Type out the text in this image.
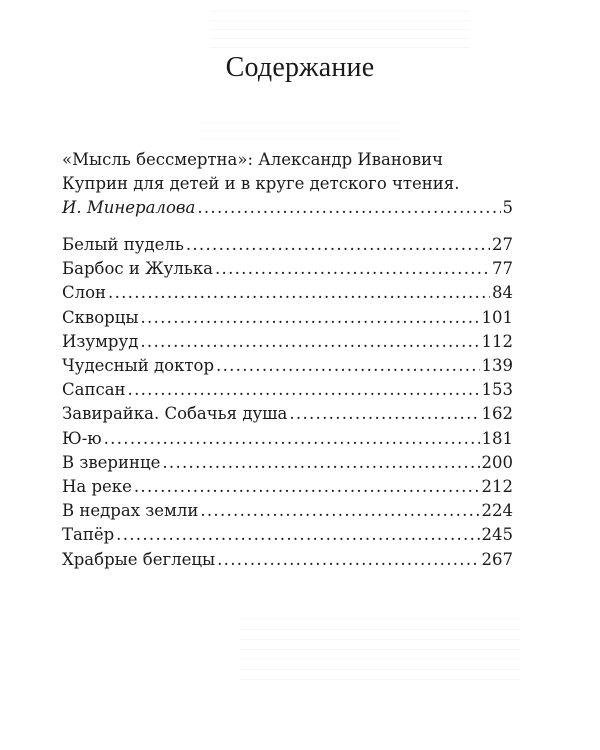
Содержание
«Мысль бессмертна»: Александр Иванович
Куприн для детей и в круге детского чтения.
И. Минералова .....	5
Белый пудель .....	27
Барбос и Жулька .....	77
Слон .....	84
Скворцы .....	101
Изумруд .....	112
Чудесный доктор .....	139
Сапсан .....	153
Завирайка. Собачья душа .....	162
Ю-ю .....	181
В зверинце .....	200
На реке .....	212
В недрах земли .....	224
Тапёр .....	245
Храбрые беглецы .....	267
